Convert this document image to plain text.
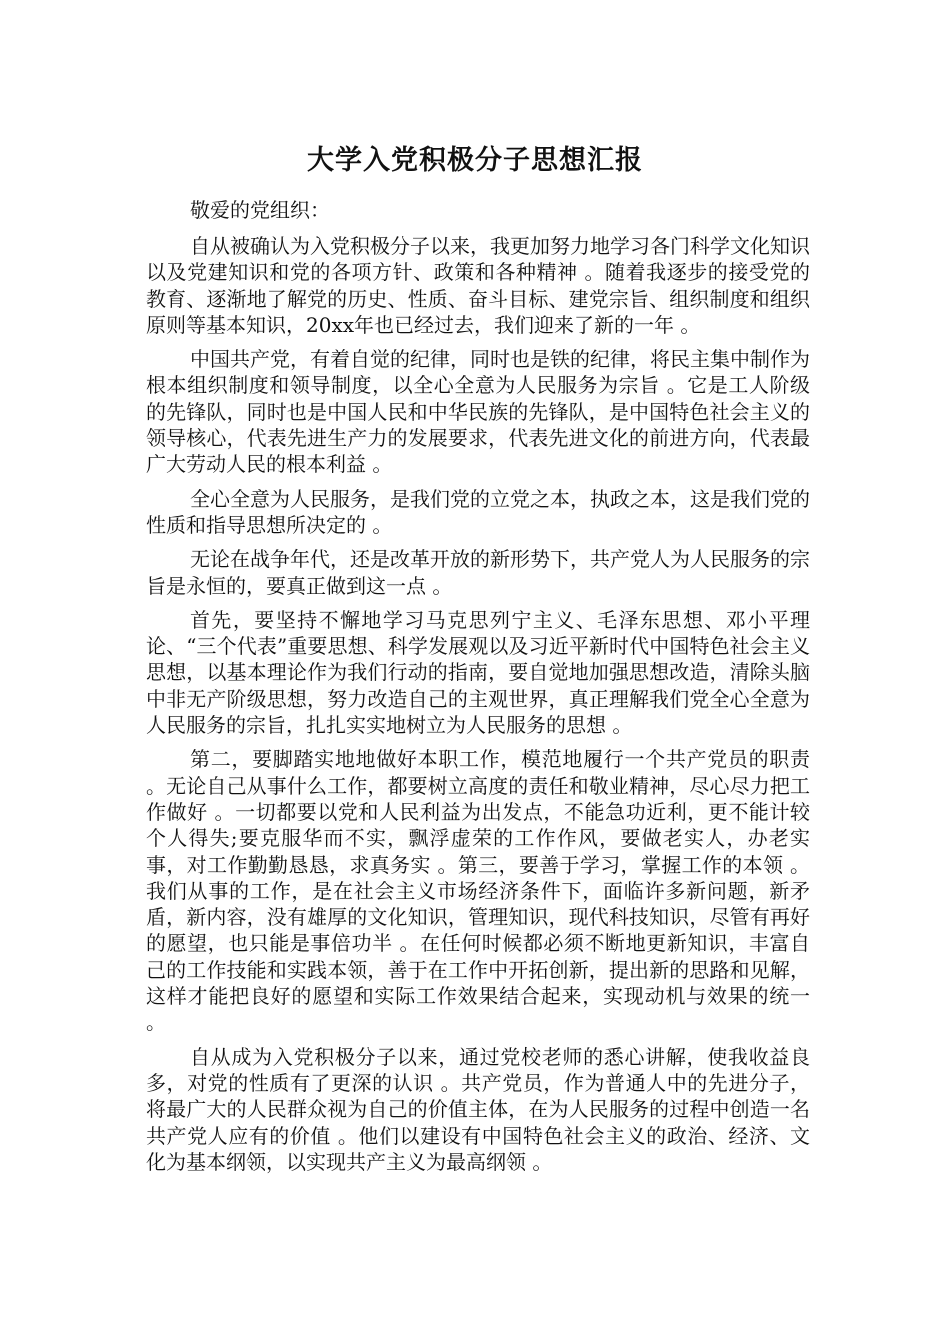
大学入党积极分子思想汇报

敬爱的党组织：

自从被确认为入党积极分子以来，我更加努力地学习各门科学文化知识以及党建知识和党的各项方针、政策和各种精神 。随着我逐步的接受党的教育、逐渐地了解党的历史、性质、奋斗目标、建党宗旨、组织制度和组织原则等基本知识，20xx年也已经过去，我们迎来了新的一年 。

中国共产党，有着自觉的纪律，同时也是铁的纪律，将民主集中制作为根本组织制度和领导制度，以全心全意为人民服务为宗旨 。它是工人阶级的先锋队，同时也是中国人民和中华民族的先锋队，是中国特色社会主义的领导核心，代表先进生产力的发展要求，代表先进文化的前进方向，代表最广大劳动人民的根本利益 。

全心全意为人民服务，是我们党的立党之本，执政之本，这是我们党的性质和指导思想所决定的 。

无论在战争年代，还是改革开放的新形势下，共产党人为人民服务的宗旨是永恒的，要真正做到这一点 。

首先，要坚持不懈地学习马克思列宁主义、毛泽东思想、邓小平理论、“三个代表”重要思想、科学发展观以及习近平新时代中国特色社会主义思想，以基本理论作为我们行动的指南，要自觉地加强思想改造，清除头脑中非无产阶级思想，努力改造自己的主观世界，真正理解我们党全心全意为人民服务的宗旨，扎扎实实地树立为人民服务的思想 。

第二，要脚踏实地地做好本职工作，模范地履行一个共产党员的职责 。无论自己从事什么工作，都要树立高度的责任和敬业精神，尽心尽力把工作做好 。一切都要以党和人民利益为出发点，不能急功近利，更不能计较个人得失;要克服华而不实，飘浮虚荣的工作作风，要做老实人，办老实事，对工作勤勤恳恳，求真务实 。第三，要善于学习，掌握工作的本领 。我们从事的工作，是在社会主义市场经济条件下，面临许多新问题，新矛盾，新内容，没有雄厚的文化知识，管理知识，现代科技知识，尽管有再好的愿望，也只能是事倍功半 。在任何时候都必须不断地更新知识，丰富自己的工作技能和实践本领，善于在工作中开拓创新，提出新的思路和见解，这样才能把良好的愿望和实际工作效果结合起来，实现动机与效果的统一 。

自从成为入党积极分子以来，通过党校老师的悉心讲解，使我收益良多，对党的性质有了更深的认识 。共产党员，作为普通人中的先进分子，将最广大的人民群众视为自己的价值主体，在为人民服务的过程中创造一名共产党人应有的价值 。他们以建设有中国特色社会主义的政治、经济、文化为基本纲领，以实现共产主义为最高纲领 。
